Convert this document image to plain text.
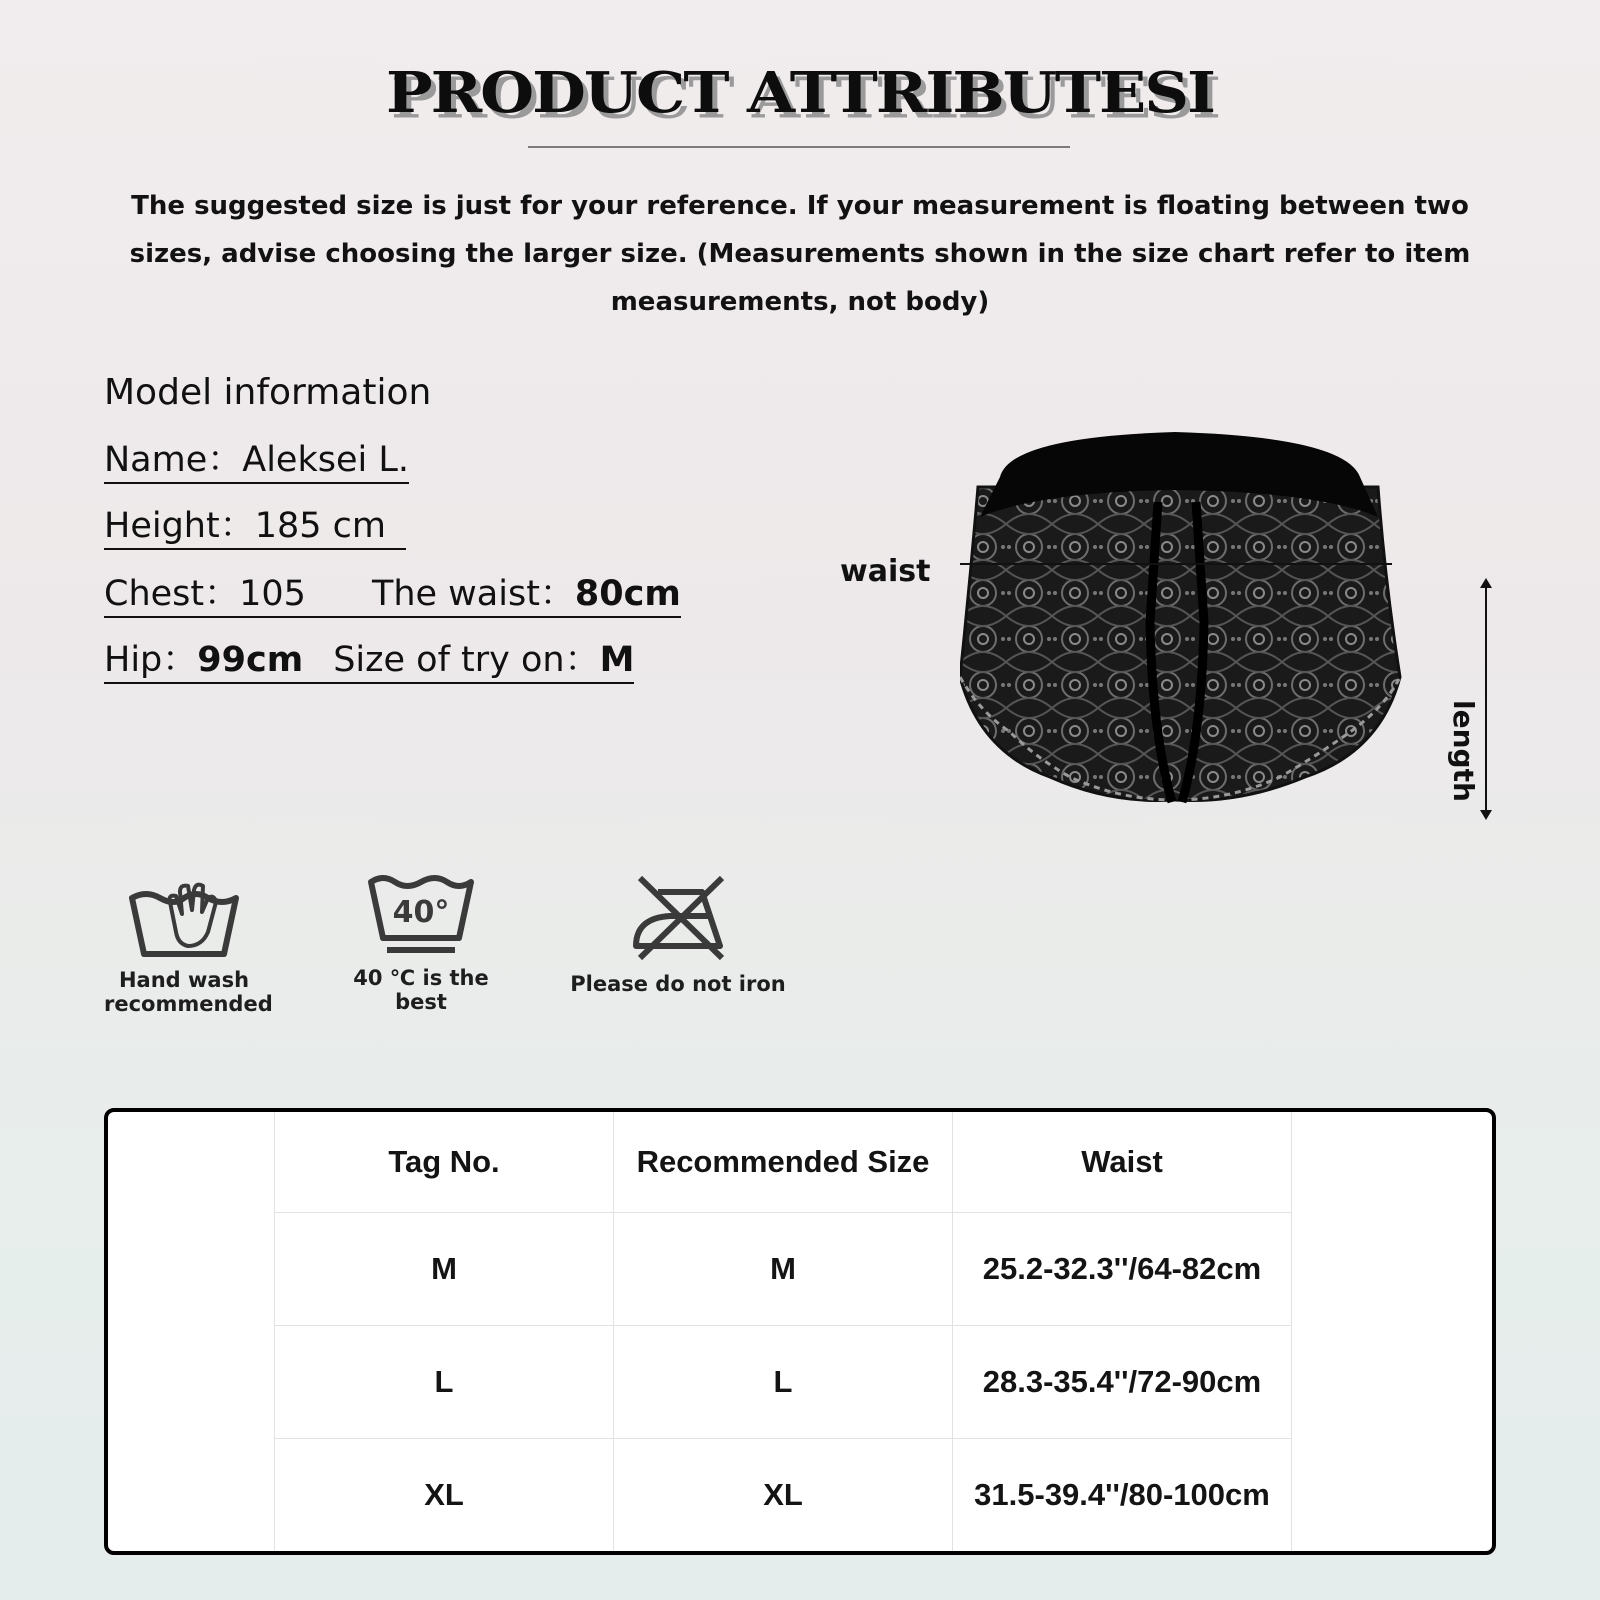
PRODUCT ATTRIBUTESI
The suggested size is just for your reference. If your measurement is floating between two sizes, advise choosing the larger size. (Measurements shown in the size chart refer to item measurements, not body)
Model information
Name：Aleksei L.
Height：185 cm
Chest：105 The waist：80cm
Hip：99cm Size of try on：M
waist
length
Hand wash
recommended
40°
40 ℃ is the best
Please do not iron
	Tag No.	Recommended Size	Waist	
	M	M	25.2-32.3''/64-82cm	
	L	L	28.3-35.4''/72-90cm	
	XL	XL	31.5-39.4''/80-100cm	
